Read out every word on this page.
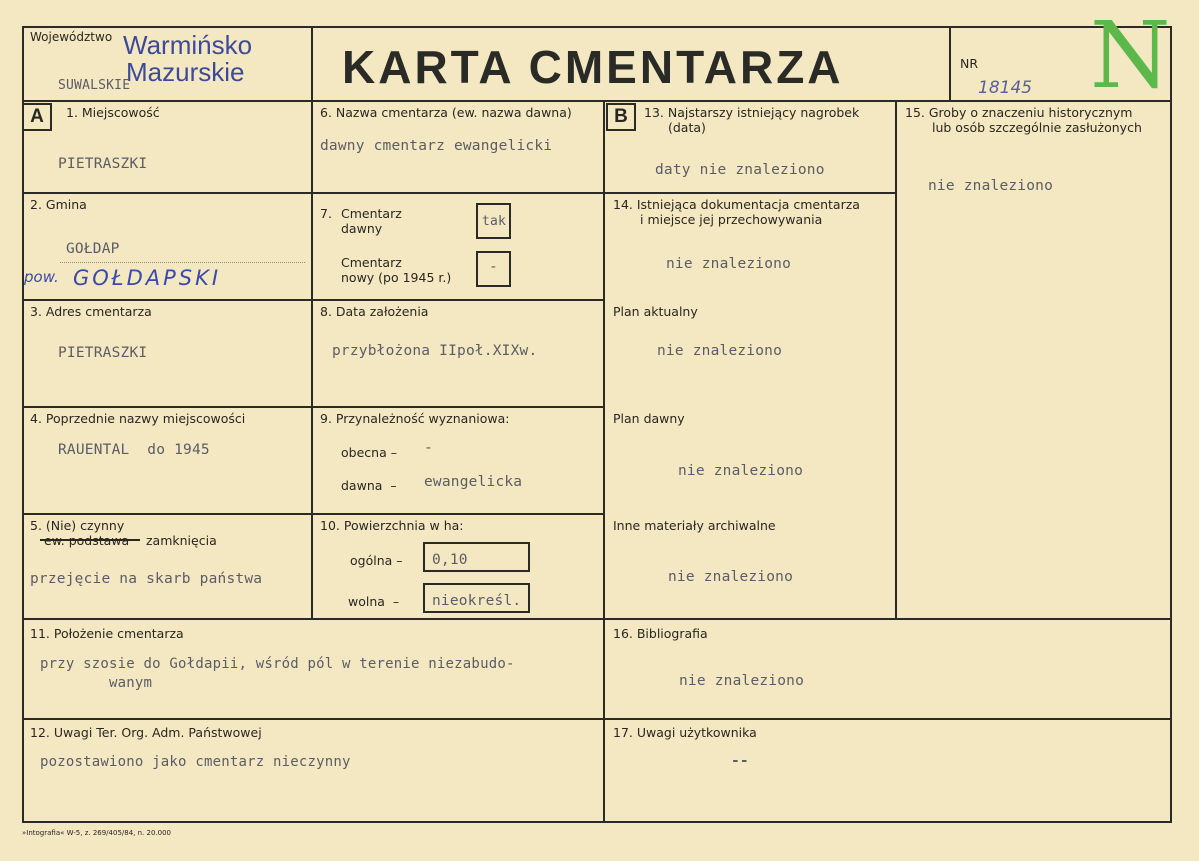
Województwo Warmińsko
Mazurskie
SUWALSKIE	KARTA CMENTARZA	NR
18145 N
A	B
1. Miejscowość
PIETRASZKI
2. Gmina
GOŁDAP
pow. GOŁDAPSKI
3. Adres cmentarza
PIETRASZKI
4. Poprzednie nazwy miejscowości
RAUENTAL  do 1945
5. (Nie) czynny
ew. podstawa zamknięcia
przejęcie na skarb państwa
6. Nazwa cmentarza (ew. nazwa dawna)
dawny cmentarz ewangelicki
7. Cmentarz
dawny	tak
Cmentarz
nowy (po 1945 r.)
-
8. Data założenia
przybłożona IIpoł.XIXw.
9. Przynależność wyznaniowa:
obecna – -
dawna  – ewangelicka
10. Powierzchnia w ha:
ogólna – 0,10
wolna  – nieokreśl.
11. Położenie cmentarza
przy szosie do Gołdapii, wśród pól w terenie niezabudo-
wanym
12. Uwagi Ter. Org. Adm. Państwowej
pozostawiono jako cmentarz nieczynny
13. Najstarszy istniejący nagrobek
(data)
daty nie znaleziono
14. Istniejąca dokumentacja cmentarza
i miejsce jej przechowywania
nie znaleziono
Plan aktualny
nie znaleziono
Plan dawny
nie znaleziono
Inne materiały archiwalne
nie znaleziono
15. Groby o znaczeniu historycznym
lub osób szczególnie zasłużonych
nie znaleziono
16. Bibliografia
nie znaleziono
17. Uwagi użytkownika
--
»Intografia« W-5, z. 269/405/84, n. 20.000
